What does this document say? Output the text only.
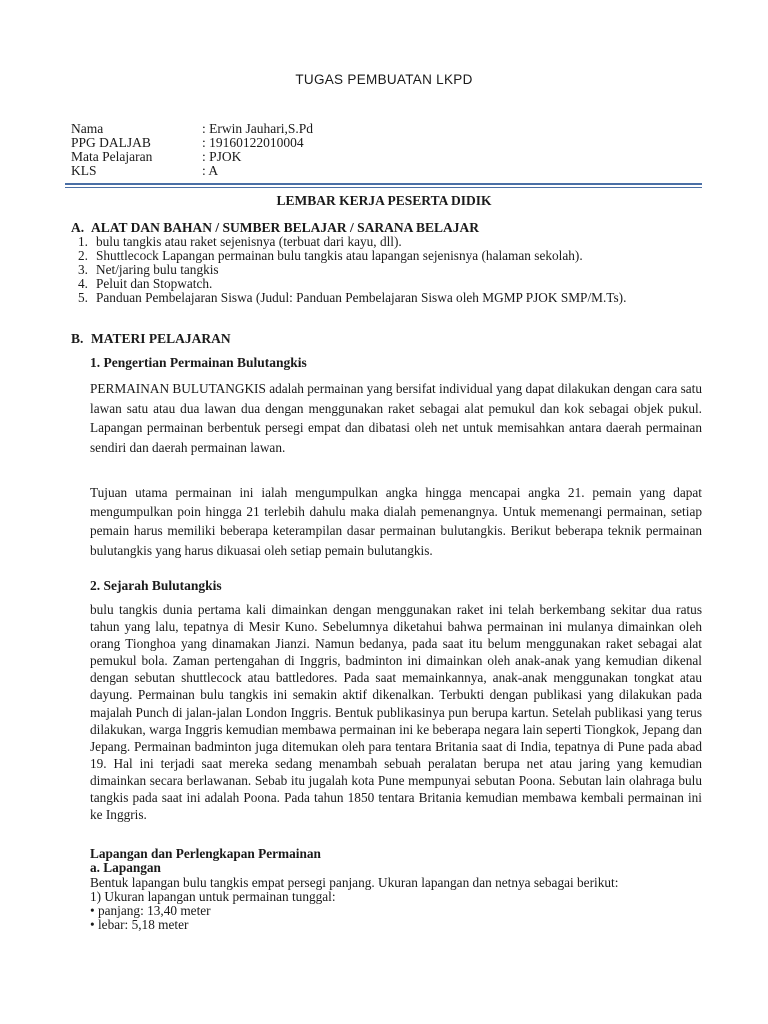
TUGAS PEMBUATAN LKPD
Nama	: Erwin Jauhari,S.Pd
PPG DALJAB	: 19160122010004
Mata Pelajaran	: PJOK
KLS	: A
LEMBAR KERJA PESERTA DIDIK
A. ALAT DAN BAHAN / SUMBER BELAJAR / SARANA BELAJAR
1. bulu tangkis atau raket sejenisnya (terbuat dari kayu, dll).
2. Shuttlecock Lapangan permainan bulu tangkis atau lapangan sejenisnya (halaman sekolah).
3. Net/jaring bulu tangkis
4. Peluit dan Stopwatch.
5. Panduan Pembelajaran Siswa (Judul: Panduan Pembelajaran Siswa oleh MGMP PJOK SMP/M.Ts).
B. MATERI PELAJARAN
1. Pengertian Permainan Bulutangkis

PERMAINAN BULUTANGKIS adalah permainan yang bersifat individual yang dapat dilakukan dengan cara satu lawan satu atau dua lawan dua dengan menggunakan raket sebagai alat pemukul dan kok sebagai objek pukul. Lapangan permainan berbentuk persegi empat dan dibatasi oleh net untuk memisahkan antara daerah permainan sendiri dan daerah permainan lawan.

Tujuan utama permainan ini ialah mengumpulkan angka hingga mencapai angka 21. pemain yang dapat mengumpulkan poin hingga 21 terlebih dahulu maka dialah pemenangnya. Untuk memenangi permainan, setiap pemain harus memiliki beberapa keterampilan dasar permainan bulutangkis. Berikut beberapa teknik permainan bulutangkis yang harus dikuasai oleh setiap pemain bulutangkis.

2. Sejarah Bulutangkis

bulu tangkis dunia pertama kali dimainkan dengan menggunakan raket ini telah berkembang sekitar dua ratus tahun yang lalu, tepatnya di Mesir Kuno. Sebelumnya diketahui bahwa permainan ini mulanya dimainkan oleh orang Tionghoa yang dinamakan Jianzi. Namun bedanya, pada saat itu belum menggunakan raket sebagai alat pemukul bola. Zaman pertengahan di Inggris, badminton ini dimainkan oleh anak-anak yang kemudian dikenal dengan sebutan shuttlecock atau battledores. Pada saat memainkannya, anak-anak menggunakan tongkat atau dayung. Permainan bulu tangkis ini semakin aktif dikenalkan. Terbukti dengan publikasi yang dilakukan pada majalah Punch di jalan-jalan London Inggris. Bentuk publikasinya pun berupa kartun. Setelah publikasi yang terus dilakukan, warga Inggris kemudian membawa permainan ini ke beberapa negara lain seperti Tiongkok, Jepang dan Jepang. Permainan badminton juga ditemukan oleh para tentara Britania saat di India, tepatnya di Pune pada abad 19. Hal ini terjadi saat mereka sedang menambah sebuah peralatan berupa net atau jaring yang kemudian dimainkan secara berlawanan. Sebab itu jugalah kota Pune mempunyai sebutan Poona. Sebutan lain olahraga bulu tangkis pada saat ini adalah Poona. Pada tahun 1850 tentara Britania kemudian membawa kembali permainan ini ke Inggris.

Lapangan dan Perlengkapan Permainan
a. Lapangan
Bentuk lapangan bulu tangkis empat persegi panjang. Ukuran lapangan dan netnya sebagai berikut:
1) Ukuran lapangan untuk permainan tunggal:
• panjang: 13,40 meter
• lebar: 5,18 meter
